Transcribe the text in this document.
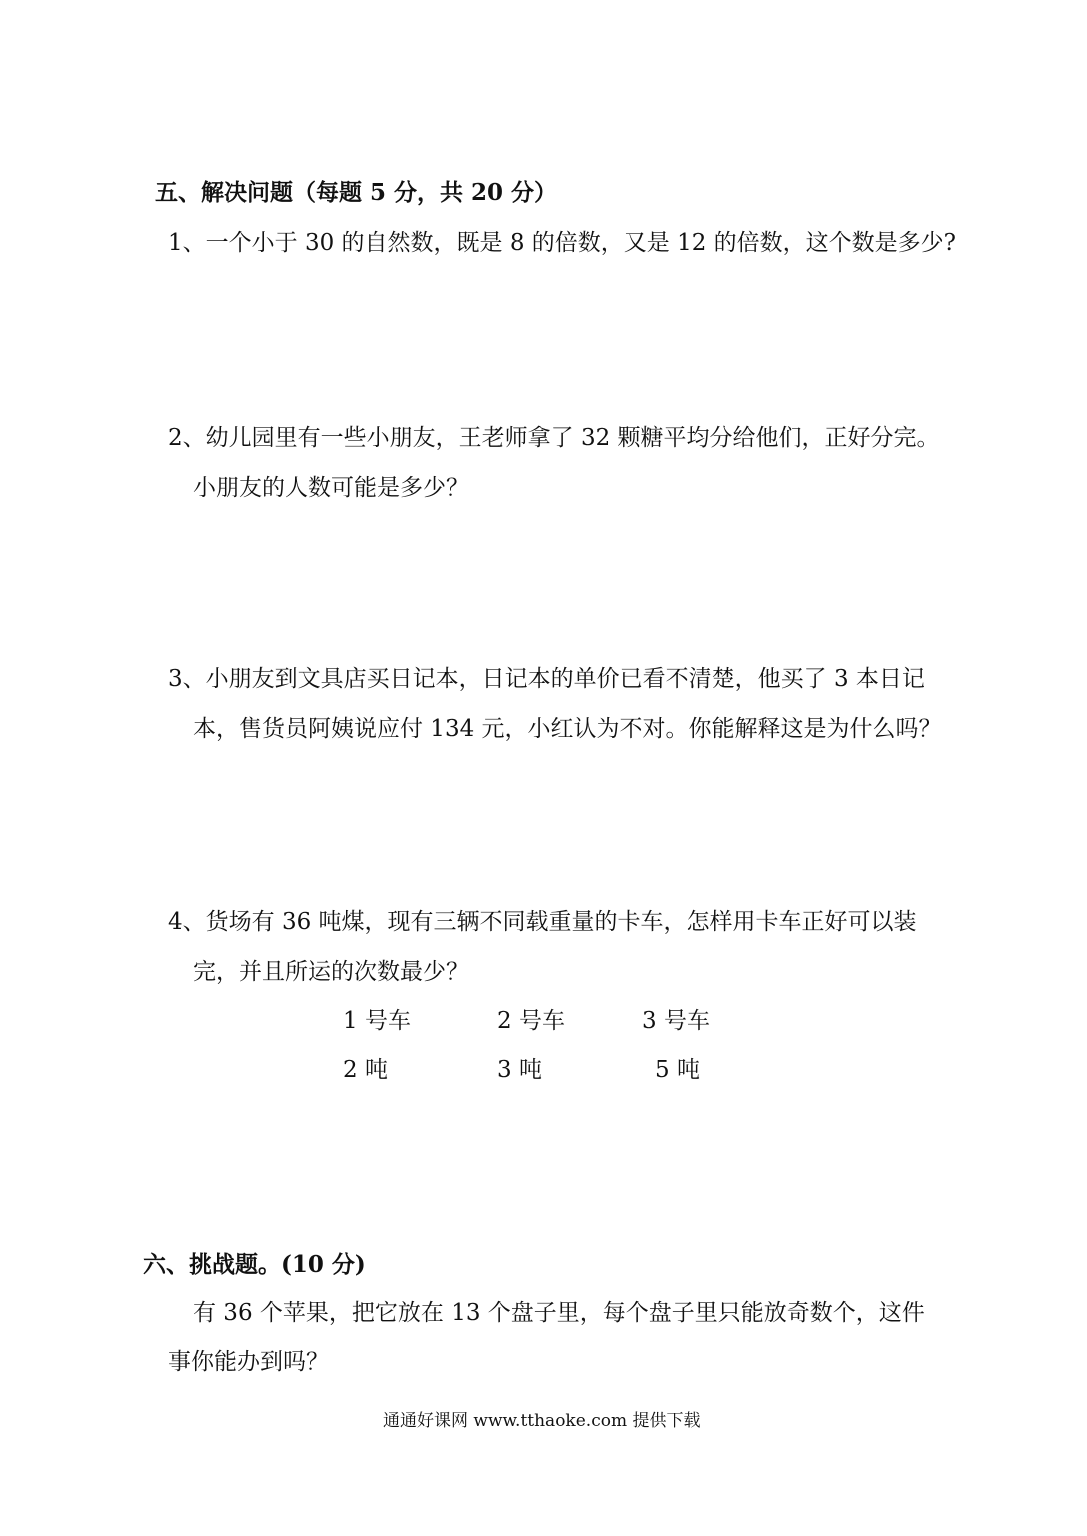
五、解决问题（每题 5 分，共 20 分）
1、一个小于 30 的自然数，既是 8 的倍数，又是 12 的倍数，这个数是多少?
2、幼儿园里有一些小朋友，王老师拿了 32 颗糖平均分给他们，正好分完。
小朋友的人数可能是多少？
3、小朋友到文具店买日记本，日记本的单价已看不清楚，他买了 3 本日记
本，售货员阿姨说应付 134 元，小红认为不对。你能解释这是为什么吗？
4、货场有 36 吨煤，现有三辆不同载重量的卡车，怎样用卡车正好可以装
完，并且所运的次数最少？
1 号车	2 号车	3 号车
2 吨	3 吨	5 吨
六、挑战题。(10 分)
有 36 个苹果，把它放在 13 个盘子里，每个盘子里只能放奇数个，这件
事你能办到吗？
通通好课网 www.tthaoke.com 提供下载
